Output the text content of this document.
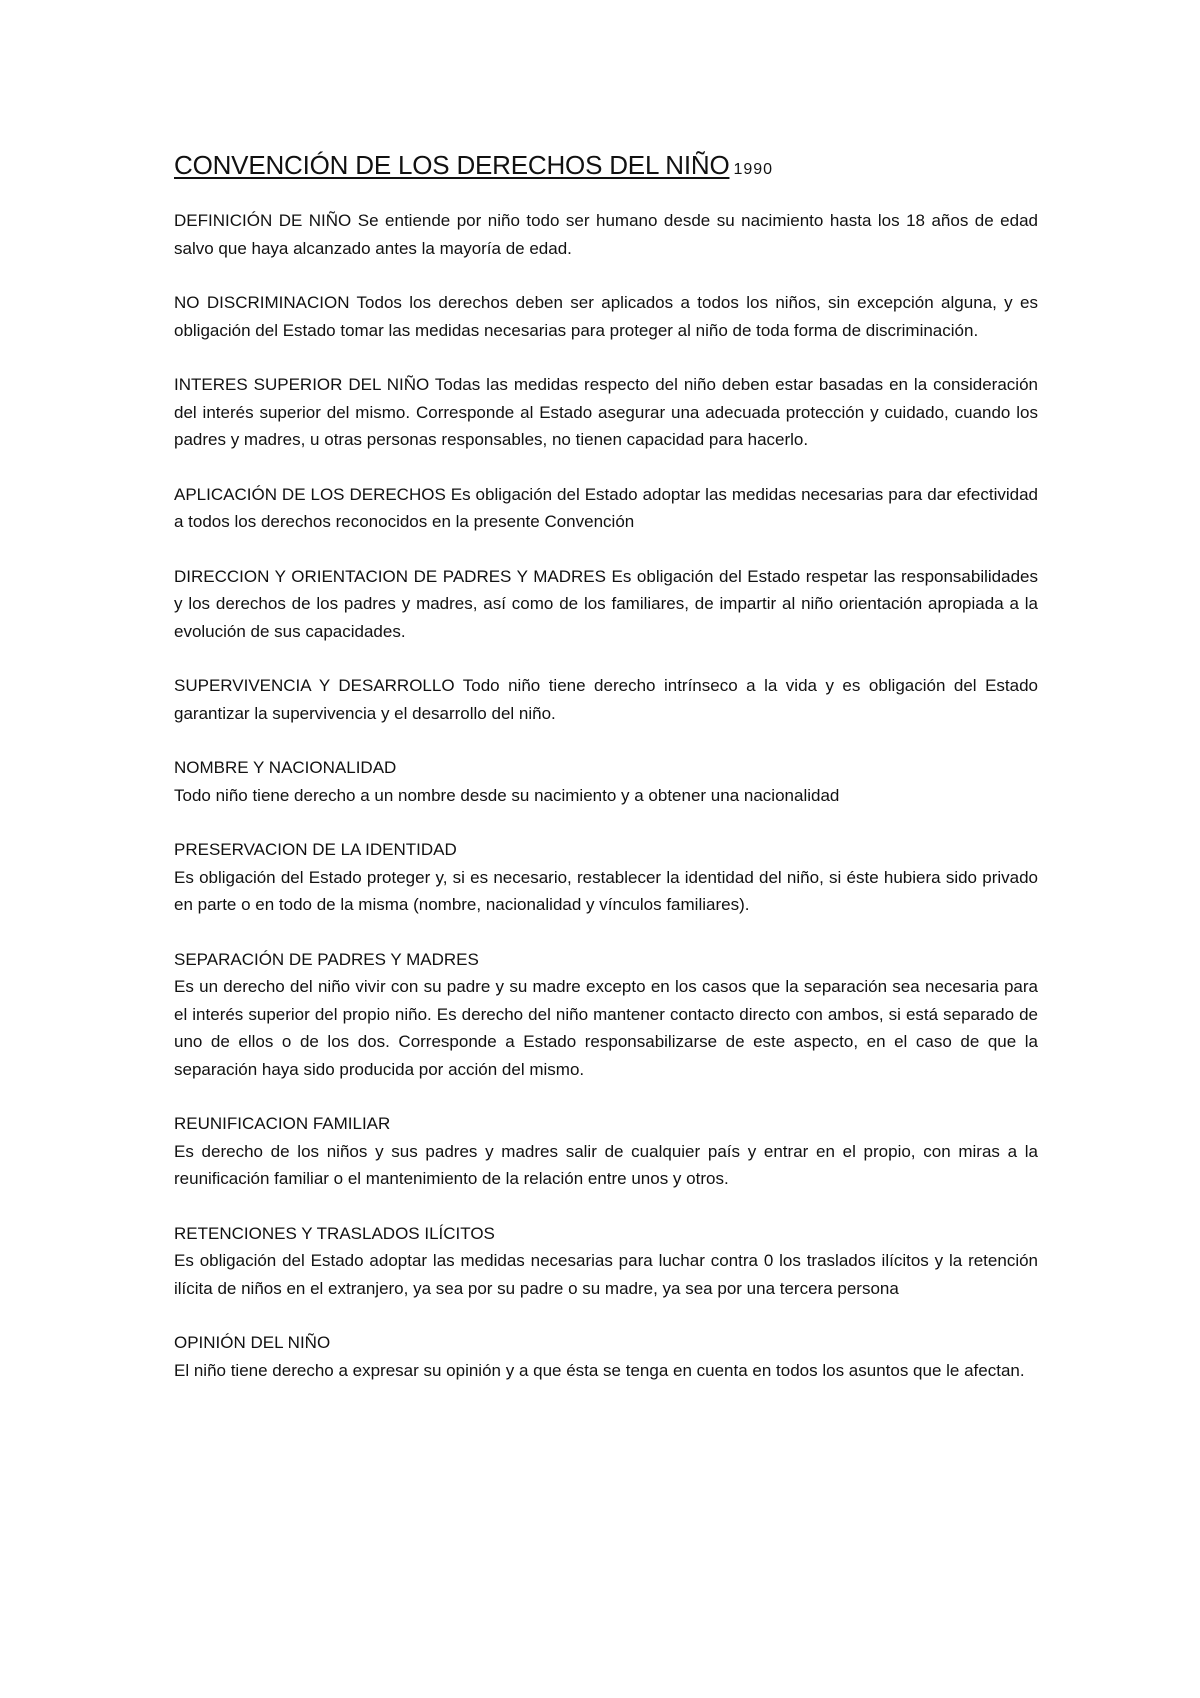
CONVENCIÓN DE LOS DERECHOS DEL NIÑO 1990

DEFINICIÓN DE NIÑO Se entiende por niño todo ser humano desde su nacimiento hasta los 18 años de edad salvo que haya alcanzado antes la mayoría de edad.

NO DISCRIMINACION Todos los derechos deben ser aplicados a todos los niños, sin excepción alguna, y es obligación del Estado tomar las medidas necesarias para proteger al niño de toda forma de discriminación.

INTERES SUPERIOR DEL NIÑO Todas las medidas respecto del niño deben estar basadas en la consideración del interés superior del mismo. Corresponde al Estado asegurar una adecuada protección y cuidado, cuando los padres y madres, u otras personas responsables, no tienen capacidad para hacerlo.

APLICACIÓN DE LOS DERECHOS Es obligación del Estado adoptar las medidas necesarias para dar efectividad a todos los derechos reconocidos en la presente Convención

DIRECCION Y ORIENTACION DE PADRES Y MADRES Es obligación del Estado respetar las responsabilidades y los derechos de los padres y madres, así como de los familiares, de impartir al niño orientación apropiada a la evolución de sus capacidades.

SUPERVIVENCIA Y DESARROLLO Todo niño tiene derecho intrínseco a la vida y es obligación del Estado garantizar la supervivencia y el desarrollo del niño.

NOMBRE Y NACIONALIDAD
Todo niño tiene derecho a un nombre desde su nacimiento y a obtener una nacionalidad

PRESERVACION DE LA IDENTIDAD
Es obligación del Estado proteger y, si es necesario, restablecer la identidad del niño, si éste hubiera sido privado en parte o en todo de la misma (nombre, nacionalidad y vínculos familiares).

SEPARACIÓN DE PADRES Y MADRES
Es un derecho del niño vivir con su padre y su madre excepto en los casos que la separación sea necesaria para el interés superior del propio niño. Es derecho del niño mantener contacto directo con ambos, si está separado de uno de ellos o de los dos. Corresponde a Estado responsabilizarse de este aspecto, en el caso de que la separación haya sido producida por acción del mismo.

REUNIFICACION FAMILIAR
Es derecho de los niños y sus padres y madres salir de cualquier país y entrar en el propio, con miras a la reunificación familiar o el mantenimiento de la relación entre unos y otros.

RETENCIONES Y TRASLADOS ILÍCITOS
Es obligación del Estado adoptar las medidas necesarias para luchar contra 0 los traslados ilícitos y la retención ilícita de niños en el extranjero, ya sea por su padre o su madre, ya sea por una tercera persona

OPINIÓN DEL NIÑO
El niño tiene derecho a expresar su opinión y a que ésta se tenga en cuenta en todos los asuntos que le afectan.
